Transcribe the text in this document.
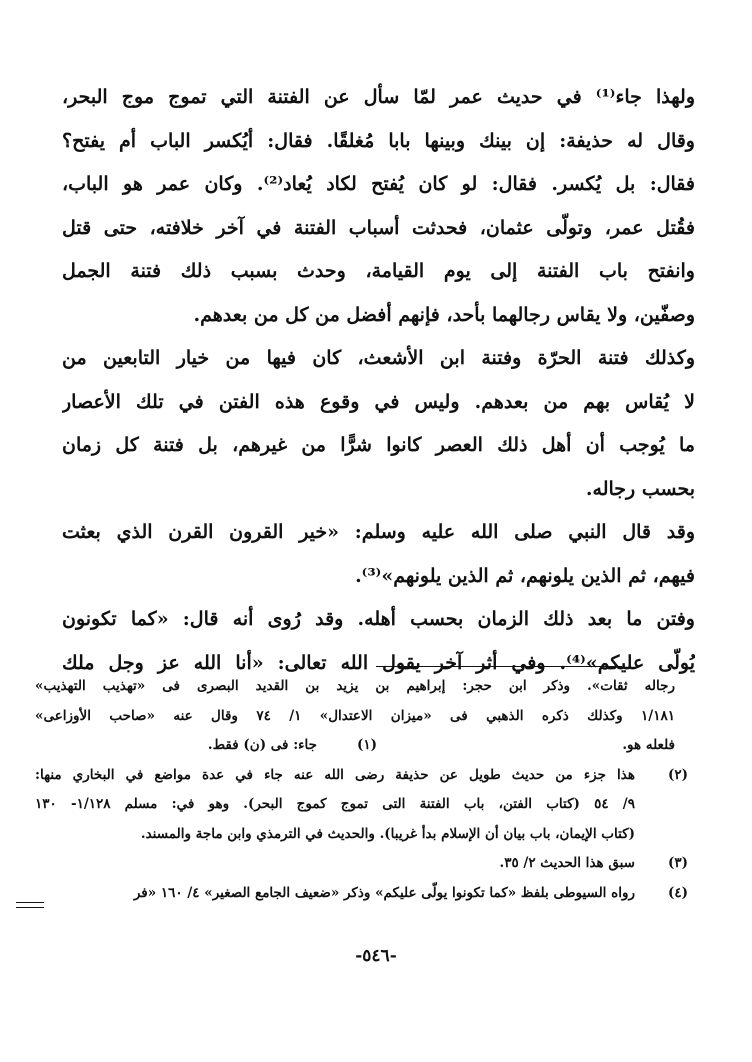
ولهذا جاء⁽¹⁾ في حديث عمر لمّا سأل عن الفتنة التي تموج موج البحر،
وقال له حذيفة: إن بينك وبينها بابا مُغلقًا. فقال: أيُكسر الباب أم يفتح؟
فقال: بل يُكسر. فقال: لو كان يُفتح لكاد يُعاد⁽²⁾. وكان عمر هو الباب،
فقُتل عمر، وتولّى عثمان، فحدثت أسباب الفتنة في آخر خلافته، حتى قتل
وانفتح باب الفتنة إلى يوم القيامة، وحدث بسبب ذلك فتنة الجمل
وصفّين، ولا يقاس رجالهما بأحد، فإنهم أفضل من كل من بعدهم.
وكذلك فتنة الحرّة وفتنة ابن الأشعث، كان فيها من خيار التابعين من
لا يُقاس بهم من بعدهم. وليس في وقوع هذه الفتن في تلك الأعصار
ما يُوجب أن أهل ذلك العصر كانوا شرًّا من غيرهم، بل فتنة كل زمان
بحسب رجاله.
وقد قال النبي صلى الله عليه وسلم: «خير القرون القرن الذي بعثت
فيهم، ثم الذين يلونهم، ثم الذين يلونهم»⁽³⁾.
وفتن ما بعد ذلك الزمان بحسب أهله. وقد رُوى أنه قال: «كما تكونون
يُولّى عليكم»⁽⁴⁾. وفي أثر آخر يقول الله تعالى: «أنا الله عز وجل ملك
رجاله ثقات». وذكر ابن حجر: إبراهيم بن يزيد بن القديد البصرى فى «تهذيب التهذيب»
١/١٨١ وكذلك ذكره الذهبي فى «ميزان الاعتدال» ١/ ٧٤ وقال عنه «صاحب الأوزاعى»
فلعله هو.
(١)
جاء: فى (ن) فقط.
(٢)
هذا جزء من حديث طويل عن حذيفة رضى الله عنه جاء في عدة مواضع في البخاري منها:
٩/ ٥٤ (كتاب الفتن، باب الفتنة التى تموج كموج البحر). وهو في: مسلم ١/١٢٨- ١٣٠
(كتاب الإيمان، باب بيان أن الإسلام بدأ غريبا). والحديث في الترمذي وابن ماجة والمسند.
(٣)
سبق هذا الحديث ٢/ ٣٥.
(٤)
رواه السيوطى بلفظ «كما تكونوا يولّى عليكم» وذكر «ضعيف الجامع الصغير» ٤/ ١٦٠ «فر
-٥٤٦-
